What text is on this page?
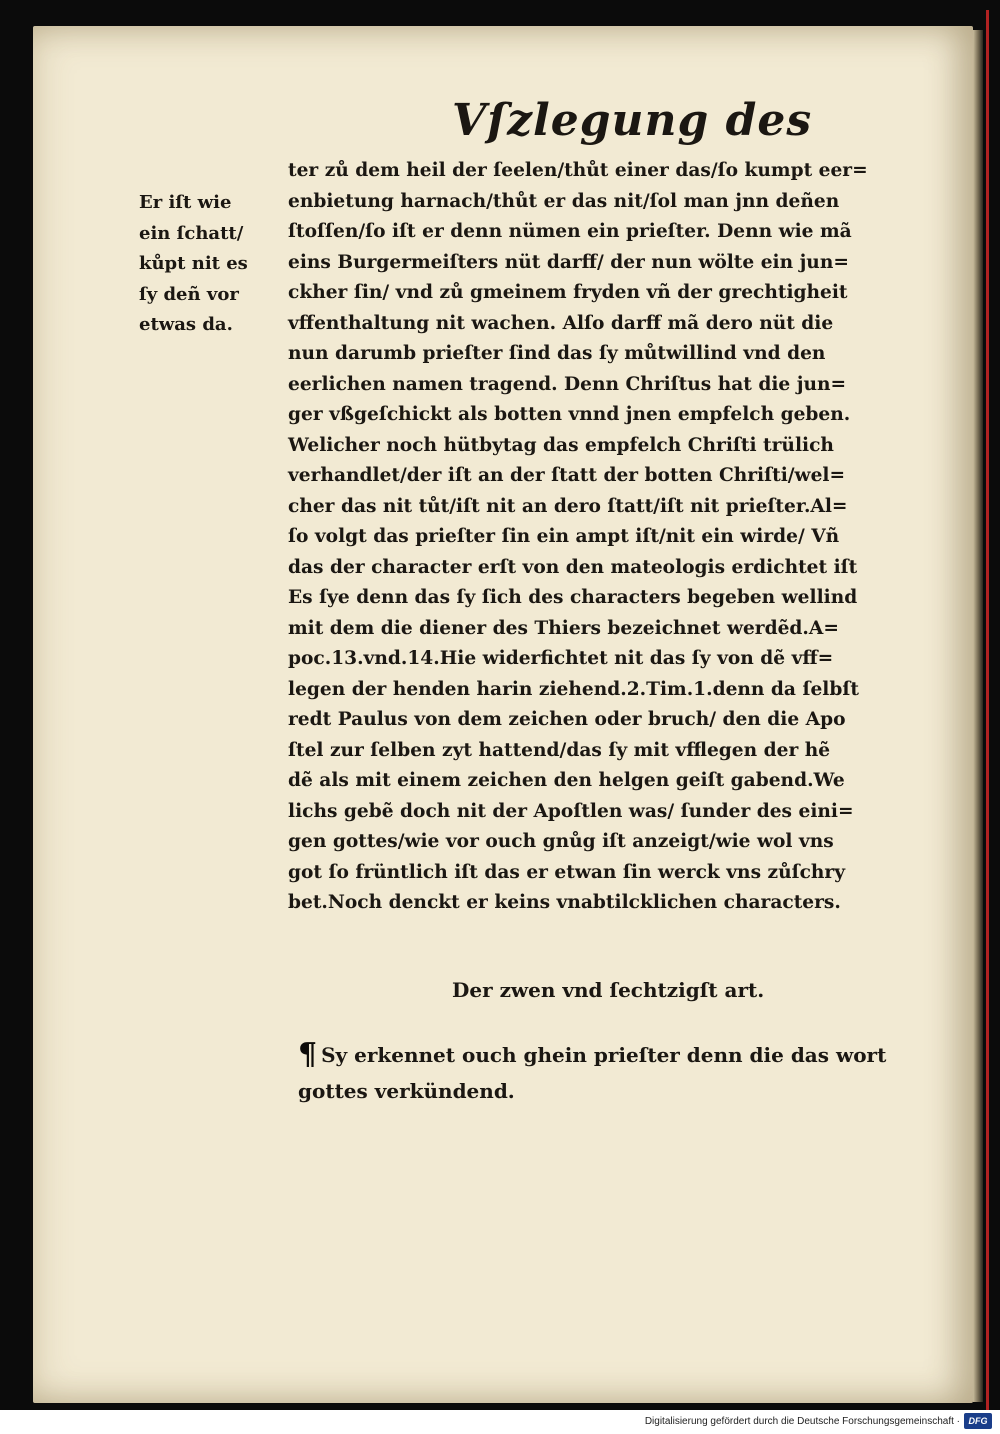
Vſzlegung des
Er iſt wie
ein ſchatt/
kůpt nit es
ſy deñ vor
etwas da.
ter zů dem heil der ſeelen/thůt einer das/ſo kumpt eer=
enbietung harnach/thůt er das nit/ſol man jnn deñen
ſtoſſen/ſo iſt er denn nümen ein prieſter. Denn wie mã
eins Burgermeiſters nüt darff/ der nun wölte ein jun=
ckher ſin/ vnd zů gmeinem fryden vñ der grechtigheit
vffenthaltung nit wachen. Alſo darff mã dero nüt die
nun darumb prieſter ſind das ſy můtwillind vnd den
eerlichen namen tragend. Denn Chriſtus hat die jun=
ger vßgeſchickt als botten vnnd jnen empfelch geben.
Welicher noch hütbytag das empfelch Chriſti trülich
verhandlet/der iſt an der ſtatt der botten Chriſti/wel=
cher das nit tůt/iſt nit an dero ſtatt/iſt nit prieſter.Al=
ſo volgt das prieſter ſin ein ampt iſt/nit ein wirde/ Vñ
das der character erſt von den mateologis erdichtet iſt
Es ſye denn das ſy ſich des characters begeben wellind
mit dem die diener des Thiers bezeichnet werdẽd.A=
poc.13.vnd.14.Hie widerfichtet nit das ſy von dẽ vff=
legen der henden harin ziehend.2.Tim.1.denn da ſelbſt
redt Paulus von dem zeichen oder bruch/ den die Apo
ſtel zur ſelben zyt hattend/das ſy mit vfflegen der hẽ
dẽ als mit einem zeichen den helgen geiſt gabend.We
lichs gebẽ doch nit der Apoſtlen was/ ſunder des eini=
gen gottes/wie vor ouch gnůg iſt anzeigt/wie wol vns
got ſo früntlich iſt das er etwan ſin werck vns zůſchry
bet.Noch denckt er keins vnabtilcklichen characters.
Der zwen vnd ſechtzigſt art.
¶ Sy erkennet ouch ghein prieſter denn die das wort
gottes verkündend.
Digitalisierung gefördert durch die Deutsche Forschungsgemeinschaft · DFG
